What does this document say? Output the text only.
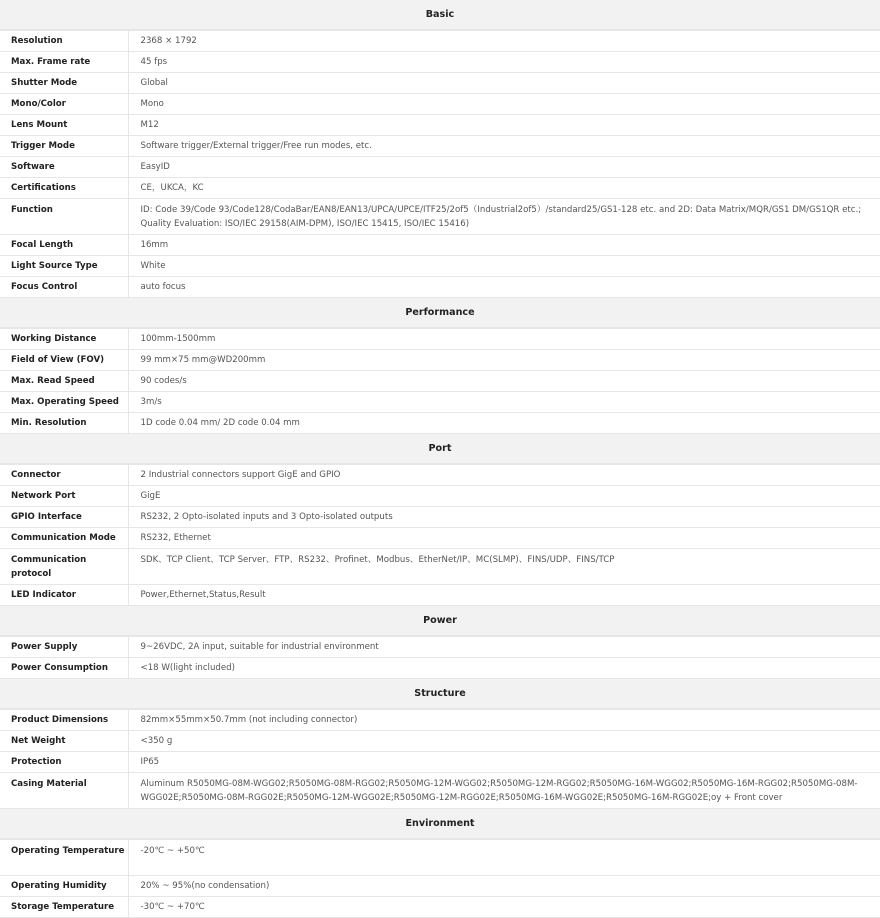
Basic	
Resolution	2368 × 1792
Max. Frame rate	45 fps
Shutter Mode	Global
Mono/Color	Mono
Lens Mount	M12
Trigger Mode	Software trigger/External trigger/Free run modes, etc.
Software	EasyID
Certifications	CE，UKCA，KC
Function	ID: Code 39/Code 93/Code128/CodaBar/EAN8/EAN13/UPCA/UPCE/ITF25/2of5（Industrial2of5）/standard25/GS1-128 etc. and 2D: Data Matrix/MQR/GS1 DM/GS1QR etc.; Quality Evaluation: ISO/IEC 29158(AIM-DPM), ISO/IEC 15415, ISO/IEC 15416)
Focal Length	16mm
Light Source Type	White
Focus Control	auto focus
Performance	
Working Distance	100mm-1500mm
Field of View (FOV)	99 mm×75 mm@WD200mm
Max. Read Speed	90 codes/s
Max. Operating Speed	3m/s
Min. Resolution	1D code 0.04 mm/ 2D code 0.04 mm
Port	
Connector	2 Industrial connectors support GigE and GPIO
Network Port	GigE
GPIO Interface	RS232, 2 Opto-isolated inputs and 3 Opto-isolated outputs
Communication Mode	RS232, Ethernet
Communication protocol	SDK、TCP Client、TCP Server、FTP、RS232、Profinet、Modbus、EtherNet/IP、MC(SLMP)、FINS/UDP、FINS/TCP
LED Indicator	Power,Ethernet,Status,Result
Power	
Power Supply	9~26VDC, 2A input, suitable for industrial environment
Power Consumption	<18 W(light included)
Structure	
Product Dimensions	82mm×55mm×50.7mm (not including connector)
Net Weight	<350 g
Protection	IP65
Casing Material	Aluminum R5050MG-08M-WGG02;R5050MG-08M-RGG02;R5050MG-12M-WGG02;R5050MG-12M-RGG02;R5050MG-16M-WGG02;R5050MG-16M-RGG02;R5050MG-08M-WGG02E;R5050MG-08M-RGG02E;R5050MG-12M-WGG02E;R5050MG-12M-RGG02E;R5050MG-16M-WGG02E;R5050MG-16M-RGG02E;oy + Front cover
Environment	
Operating Temperature	-20℃ ~ +50℃
Operating Humidity	20% ~ 95%(no condensation)
Storage Temperature	-30℃ ~ +70℃
